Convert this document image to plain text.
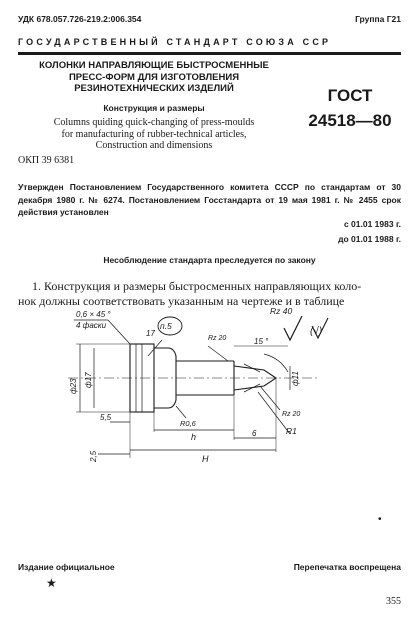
УДК 678.057.726-219.2:006.354	Группа Г21
ГОСУДАРСТВЕННЫЙ СТАНДАРТ СОЮЗА ССР
КОЛОНКИ НАПРАВЛЯЮЩИЕ БЫСТРОСМЕННЫЕ
ПРЕСС-ФОРМ ДЛЯ ИЗГОТОВЛЕНИЯ
РЕЗИНОТЕХНИЧЕСКИХ ИЗДЕЛИЙ
Конструкция и размеры
Columns quiding quick-changing of press-moulds
for manufacturing of rubber-technical articles,
Construction and dimensions
ГОСТ
24518—80
ОКП 39 6381
Утвержден Постановлением Государственного комитета СССР по стандартам от 30 декабря 1980 г. № 6274. Постановлением Госстандарта от 19 мая 1981 г. № 2455 срок действия установлен
с 01.01 1983 г.
до 01.01 1988 г.
Несоблюдение стандарта преследуется по закону
1. Конструкция и размеры быстросменных направляющих коло-
нок должны соответствовать указанным на чертеже и в таблице
0,6 × 45 °
4 фаски	п.5
Rz 40
(√)
17
Rz 20	15 °
ф23 ф17	ф11
Rz 20
5,5
R0,6
R1
6
h
H
2,5
•
Издание официальное
★
Перепечатка воспрещена
355
